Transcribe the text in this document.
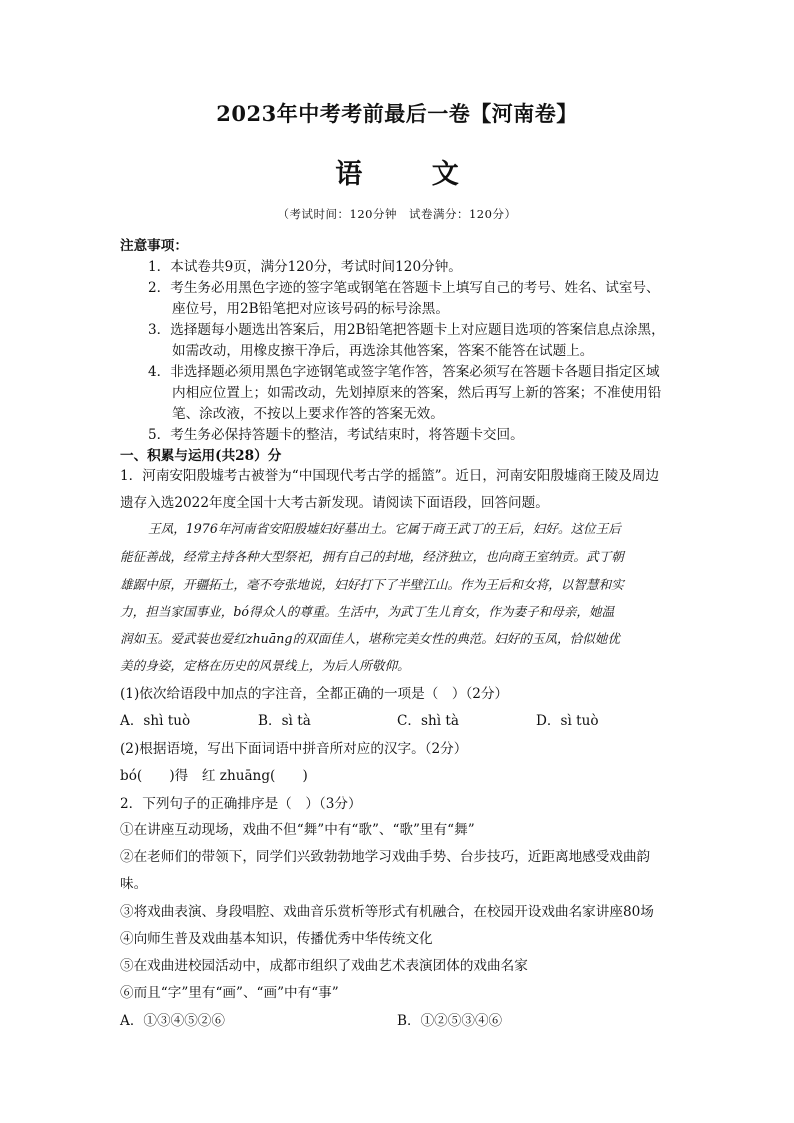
2023年中考考前最后一卷【河南卷】
语 文
（考试时间：120分钟　试卷满分：120分）
注意事项：
1．本试卷共9页，满分120分，考试时间120分钟。
2．考生务必用黑色字迹的签字笔或钢笔在答题卡上填写自己的考号、姓名、试室号、
座位号，用2B铅笔把对应该号码的标号涂黑。
3．选择题每小题选出答案后，用2B铅笔把答题卡上对应题目选项的答案信息点涂黑，
如需改动，用橡皮擦干净后，再选涂其他答案，答案不能答在试题上。
4．非选择题必须用黑色字迹钢笔或签字笔作答，答案必须写在答题卡各题目指定区域
内相应位置上；如需改动，先划掉原来的答案，然后再写上新的答案；不准使用铅
笔、涂改液，不按以上要求作答的答案无效。
5．考生务必保持答题卡的整洁，考试结束时，将答题卡交回。
一、积累与运用(共28）分
1．河南安阳殷墟考古被誉为“中国现代考古学的摇篮”。近日，河南安阳殷墟商王陵及周边
遗存入选2022年度全国十大考古新发现。请阅读下面语段，回答问题。
王凤，1976年河南省安阳殷墟妇好墓出土。它属于商王武丁的王后，妇好。这位王后
能征善战，经常主持各种大型祭祀，拥有自己的封地，经济独立，也向商王室纳贡。武丁朝
雄踞中原，开疆拓土，毫不夸张地说，妇好打下了半壁江山。作为王后和女将，以智慧和实
力，担当家国事业，bó得众人的尊重。生活中，为武丁生儿育女，作为妻子和母亲，她温
润如玉。爱武装也爱红zhuāng的双面佳人，堪称完美女性的典范。妇好的玉凤，恰似她优
美的身姿，定格在历史的风景线上，为后人所敬仰。
(1)依次给语段中加点的字注音，全都正确的一项是（　）（2分）
A．shì tuò	B．sì tà	C．shì tà	D．sì tuò
(2)根据语境，写出下面词语中拼音所对应的汉字。（2分）
bó(　　)得　红 zhuāng(　　)
2．下列句子的正确排序是（　）（3分）
①在讲座互动现场，戏曲不但“舞”中有“歌”、“歌”里有“舞”
②在老师们的带领下，同学们兴致勃勃地学习戏曲手势、台步技巧，近距离地感受戏曲韵
味。
③将戏曲表演、身段唱腔、戏曲音乐赏析等形式有机融合，在校园开设戏曲名家讲座80场
④向师生普及戏曲基本知识，传播优秀中华传统文化
⑤在戏曲进校园活动中，成都市组织了戏曲艺术表演团体的戏曲名家
⑥而且“字”里有“画”、“画”中有“事”
A．①③④⑤②⑥	B．①②⑤③④⑥
